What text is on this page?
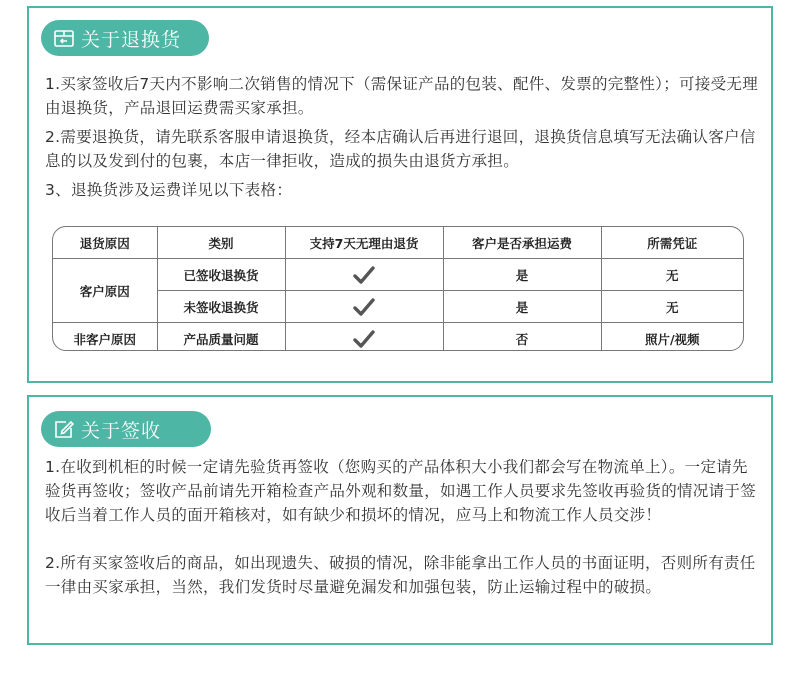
关于退换货

1.买家签收后7天内不影响二次销售的情况下（需保证产品的包装、配件、发票的完整性）；可接受无理由退换货，产品退回运费需买家承担。

2.需要退换货，请先联系客服申请退换货，经本店确认后再进行退回，退换货信息填写无法确认客户信息的以及发到付的包裹，本店一律拒收，造成的损失由退货方承担。

3、退换货涉及运费详见以下表格：

退货原因	类别	支持7天无理由退货	客户是否承担运费	所需凭证
客户原因	已签收退换货		是	无
	未签收退换货		是	无
非客户原因	产品质量问题		否	照片/视频
关于签收

1.在收到机柜的时候一定请先验货再签收（您购买的产品体积大小我们都会写在物流单上）。一定请先验货再签收；签收产品前请先开箱检查产品外观和数量，如遇工作人员要求先签收再验货的情况请于签收后当着工作人员的面开箱核对，如有缺少和损坏的情况，应马上和物流工作人员交涉！

2.所有买家签收后的商品，如出现遗失、破损的情况，除非能拿出工作人员的书面证明，否则所有责任一律由买家承担，当然，我们发货时尽量避免漏发和加强包装，防止运输过程中的破损。
